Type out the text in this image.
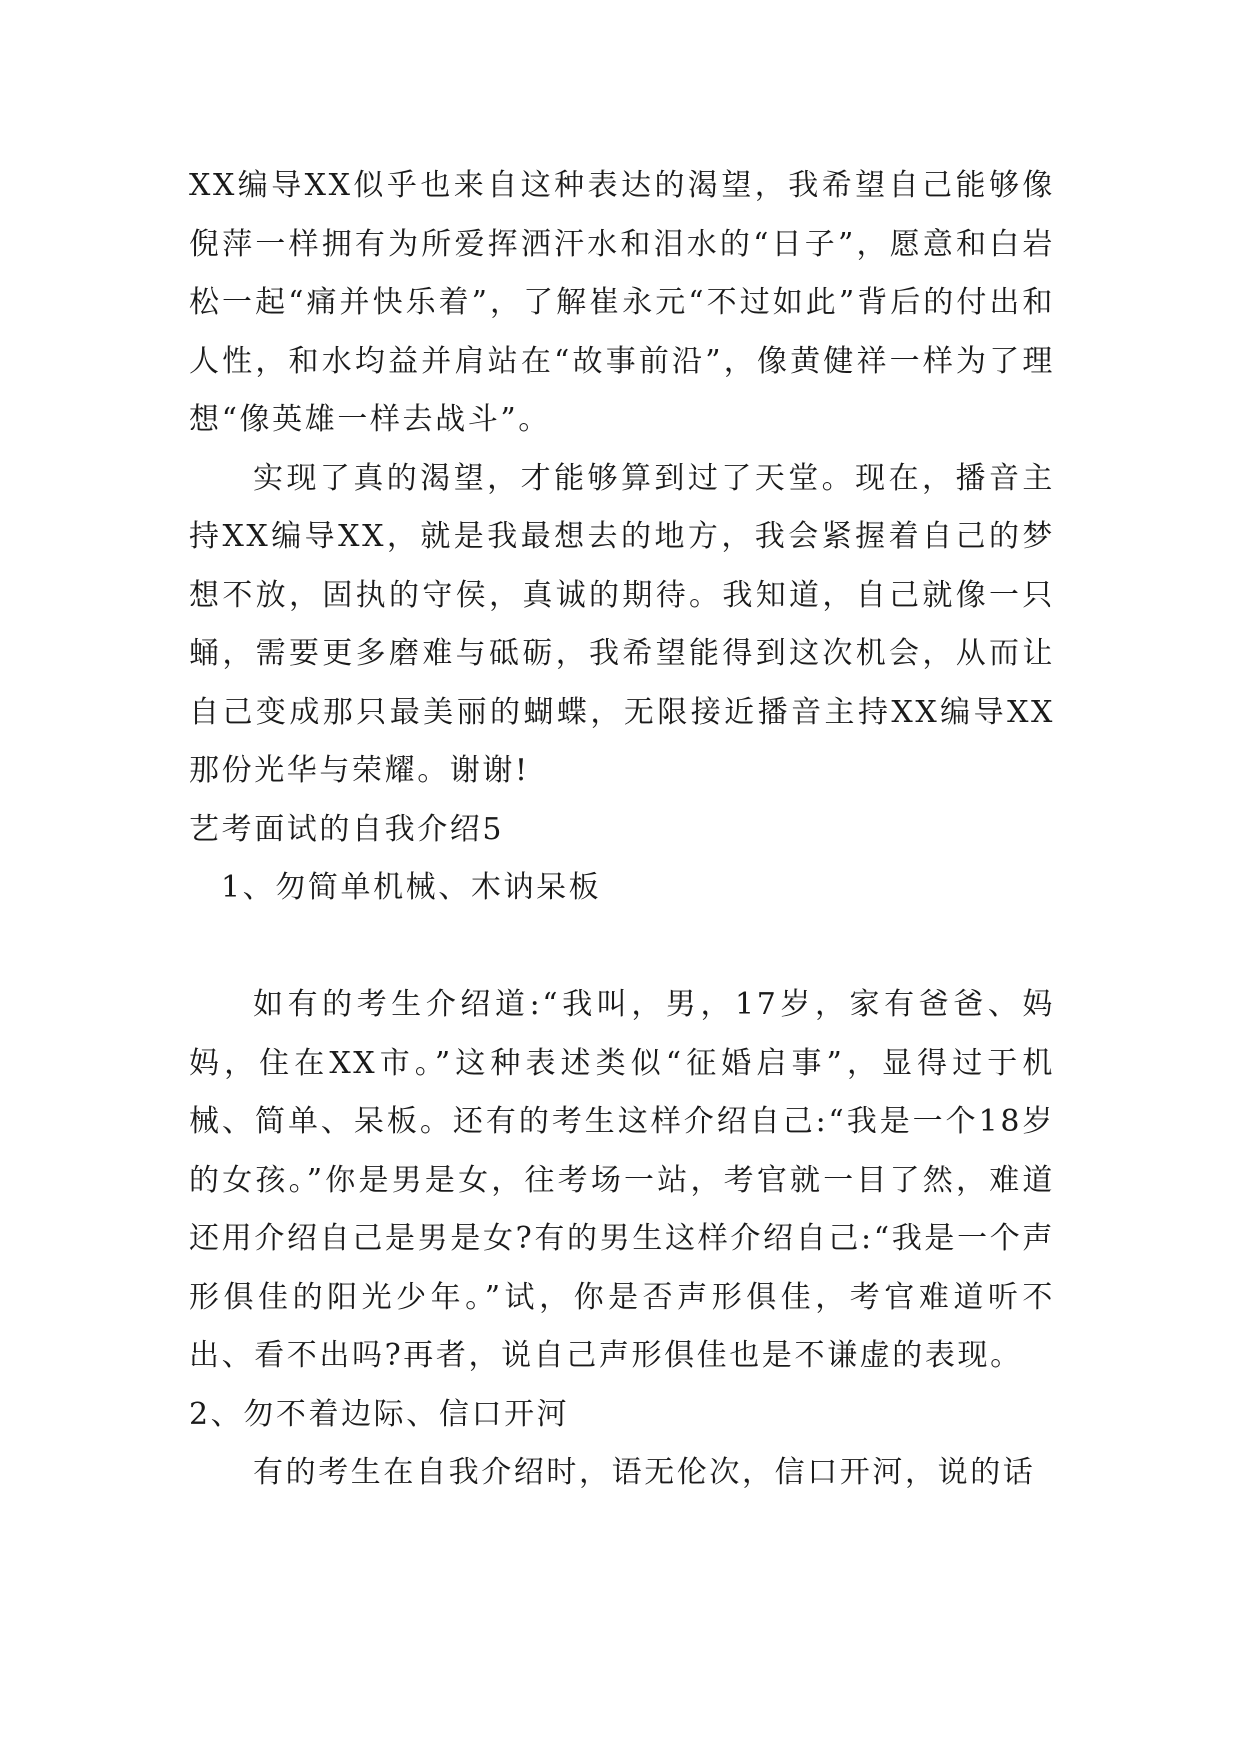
XX编导XX似乎也来自这种表达的渴望，我希望自己能够像倪萍一样拥有为所爱挥洒汗水和泪水的“日子”，愿意和白岩松一起“痛并快乐着”，了解崔永元“不过如此”背后的付出和人性，和水均益并肩站在“故事前沿”，像黄健祥一样为了理想“像英雄一样去战斗”。

实现了真的渴望，才能够算到过了天堂。现在，播音主持XX编导XX，就是我最想去的地方，我会紧握着自己的梦想不放，固执的守侯，真诚的期待。我知道，自己就像一只蛹，需要更多磨难与砥砺，我希望能得到这次机会，从而让自己变成那只最美丽的蝴蝶，无限接近播音主持XX编导XX那份光华与荣耀。谢谢!

艺考面试的自我介绍5

1、勿简单机械、木讷呆板

如有的考生介绍道:“我叫，男，17岁，家有爸爸、妈妈，住在XX市。”这种表述类似“征婚启事”，显得过于机械、简单、呆板。还有的考生这样介绍自己:“我是一个18岁的女孩。”你是男是女，往考场一站，考官就一目了然，难道还用介绍自己是男是女?有的男生这样介绍自己:“我是一个声形俱佳的阳光少年。”试，你是否声形俱佳，考官难道听不出、看不出吗?再者，说自己声形俱佳也是不谦虚的表现。

2、勿不着边际、信口开河

有的考生在自我介绍时，语无伦次，信口开河，说的话
